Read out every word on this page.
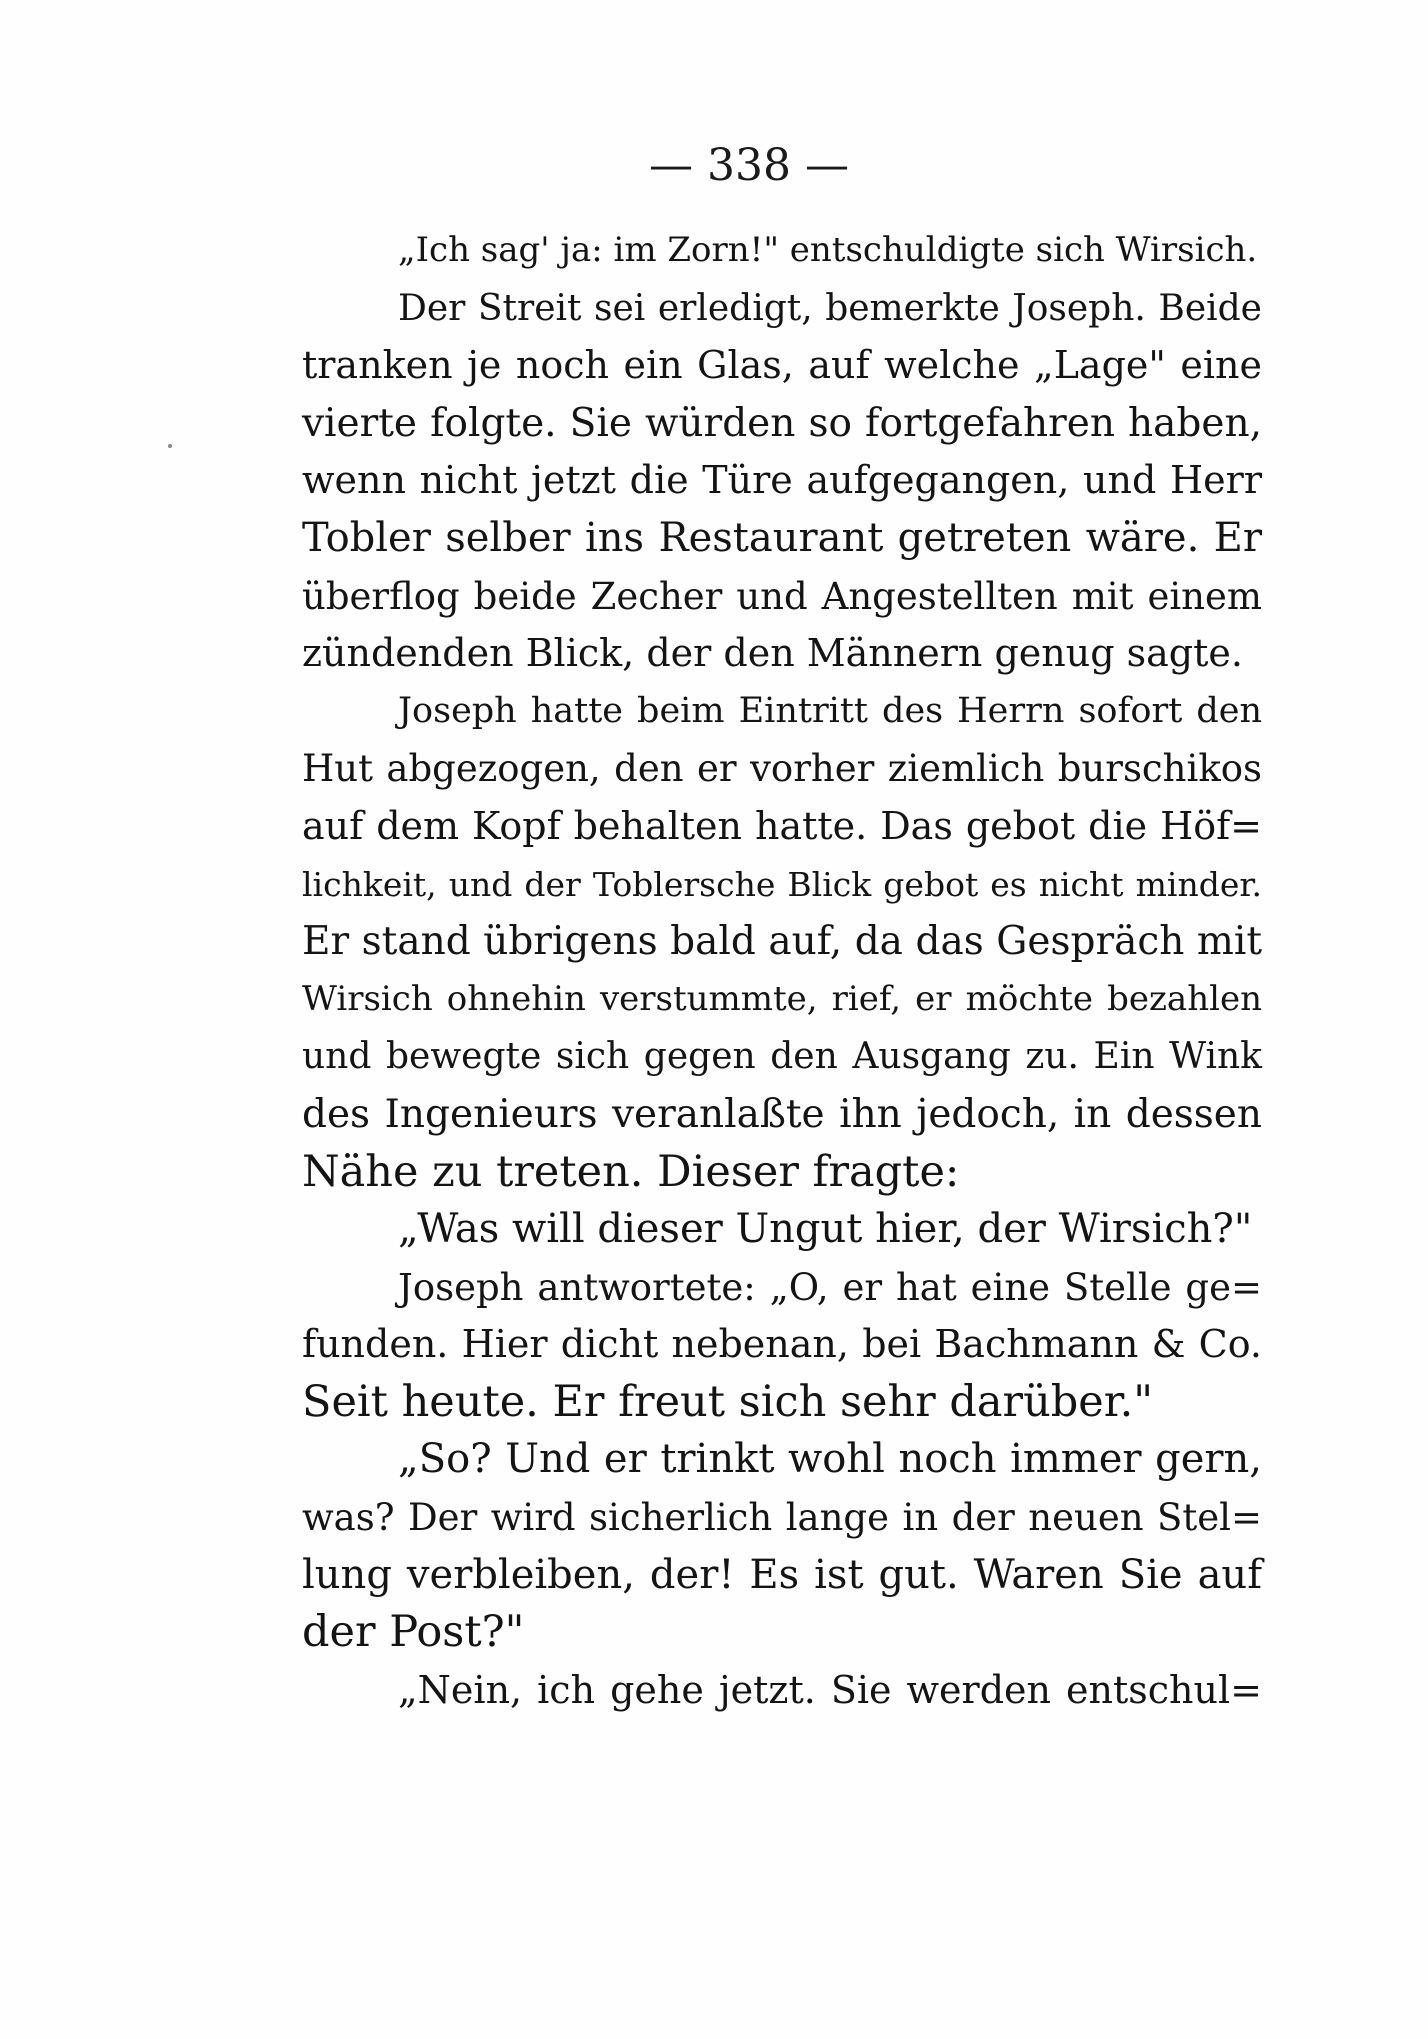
— 338 —
„Ich sag' ja: im Zorn!" entschuldigte sich Wirsich.
Der Streit sei erledigt, bemerkte Joseph. Beide
tranken je noch ein Glas, auf welche „Lage" eine
vierte folgte. Sie würden so fortgefahren haben,
wenn nicht jetzt die Türe aufgegangen, und Herr
Tobler selber ins Restaurant getreten wäre. Er
überflog beide Zecher und Angestellten mit einem
zündenden Blick, der den Männern genug sagte.
Joseph hatte beim Eintritt des Herrn sofort den
Hut abgezogen, den er vorher ziemlich burschikos
auf dem Kopf behalten hatte. Das gebot die Höf=
lichkeit, und der Toblersche Blick gebot es nicht minder.
Er stand übrigens bald auf, da das Gespräch mit
Wirsich ohnehin verstummte, rief, er möchte bezahlen
und bewegte sich gegen den Ausgang zu. Ein Wink
des Ingenieurs veranlaßte ihn jedoch, in dessen
Nähe zu treten. Dieser fragte:
„Was will dieser Ungut hier, der Wirsich?"
Joseph antwortete: „O, er hat eine Stelle ge=
funden. Hier dicht nebenan, bei Bachmann & Co.
Seit heute. Er freut sich sehr darüber."
„So? Und er trinkt wohl noch immer gern,
was? Der wird sicherlich lange in der neuen Stel=
lung verbleiben, der! Es ist gut. Waren Sie auf
der Post?"
„Nein, ich gehe jetzt. Sie werden entschul=
